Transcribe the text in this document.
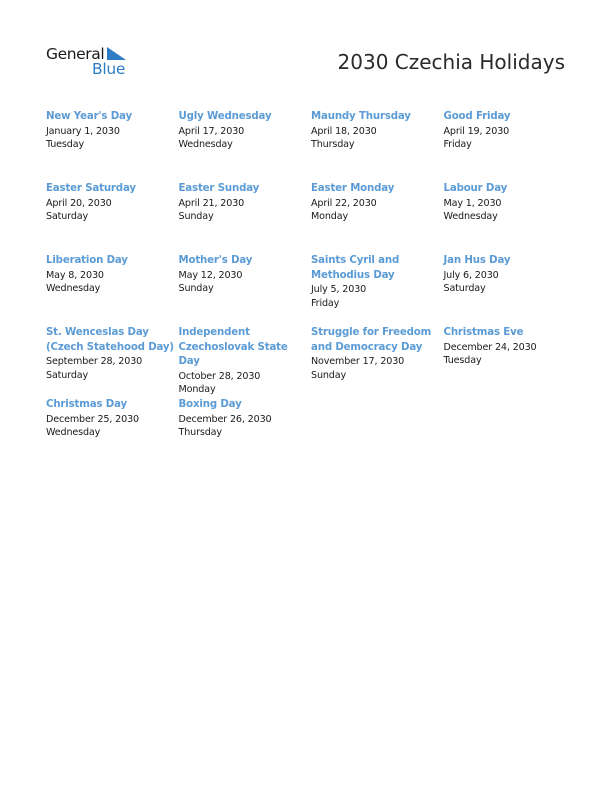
General
Blue	2030 Czechia Holidays
New Year's Day
January 1, 2030
Tuesday
Ugly Wednesday
April 17, 2030
Wednesday
Maundy Thursday
April 18, 2030
Thursday
Good Friday
April 19, 2030
Friday
Easter Saturday
April 20, 2030
Saturday
Easter Sunday
April 21, 2030
Sunday
Easter Monday
April 22, 2030
Monday
Labour Day
May 1, 2030
Wednesday
Liberation Day
May 8, 2030
Wednesday
Mother's Day
May 12, 2030
Sunday
Saints Cyril and
Methodius Day
July 5, 2030
Friday
Jan Hus Day
July 6, 2030
Saturday
St. Wenceslas Day
(Czech Statehood Day)
September 28, 2030
Saturday
Independent
Czechoslovak State Day
October 28, 2030
Monday
Struggle for Freedom
and Democracy Day
November 17, 2030
Sunday
Christmas Eve
December 24, 2030
Tuesday
Christmas Day
December 25, 2030
Wednesday
Boxing Day
December 26, 2030
Thursday
